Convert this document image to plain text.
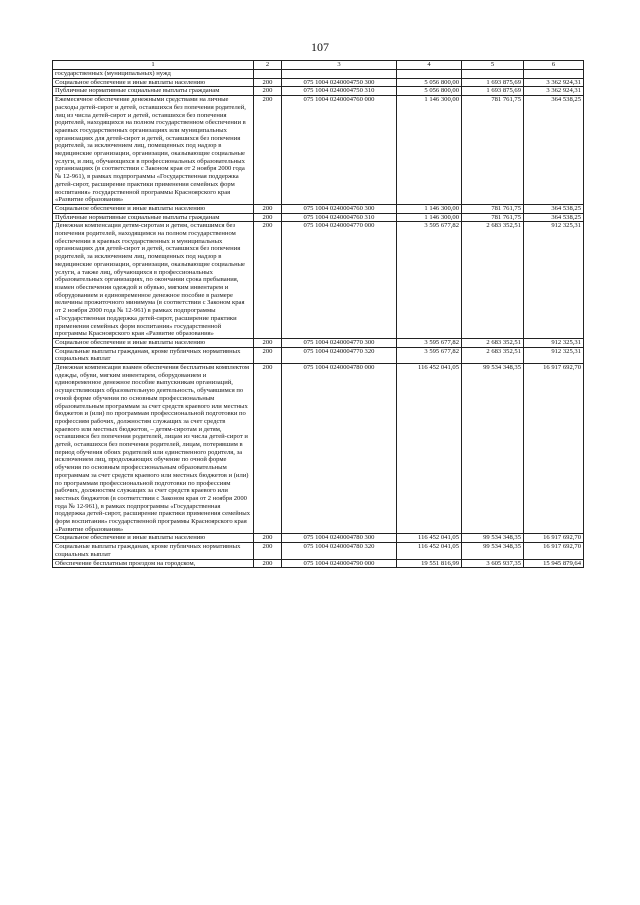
107
1	2	3	4	5	6
государственных (муниципальных) нужд					
Социальное обеспечение и иные выплаты населению	200	075 1004 0240004750 300	5 056 800,00	1 693 875,69	3 362 924,31
Публичные нормативные социальные выплаты гражданам	200	075 1004 0240004750 310	5 056 800,00	1 693 875,69	3 362 924,31
Ежемесячное обеспечение денежными средствами на личные расходы детей-сирот и детей, оставшихся без попечения родителей, лиц из числа детей-сирот и детей, оставшихся без попечения родителей, находящихся на полном государственном обеспечении в краевых государственных организациях или муниципальных организациях для детей-сирот и детей, оставшихся без попечения родителей, за исключением лиц, помещенных под надзор в медицинские организации, организации, оказывающие социальные услуги, и лиц, обучающихся в профессиональных образовательных организациях (в соответствии с Законом края от 2 ноября 2000 года № 12-961), в рамках подпрограммы «Государственная поддержка детей-сирот, расширение практики применения семейных форм воспитания» государственной программы Красноярского края «Развитие образования»	200	075 1004 0240004760 000	1 146 300,00	781 761,75	364 538,25
Социальное обеспечение и иные выплаты населению	200	075 1004 0240004760 300	1 146 300,00	781 761,75	364 538,25
Публичные нормативные социальные выплаты гражданам	200	075 1004 0240004760 310	1 146 300,00	781 761,75	364 538,25
Денежная компенсация детям-сиротам и детям, оставшимся без попечения родителей, находящимся на полном государственном обеспечении в краевых государственных и муниципальных организациях для детей-сирот и детей, оставшихся без попечения родителей, за исключением лиц, помещенных под надзор в медицинские организации, организации, оказывающие социальные услуги, а также лиц, обучающихся в профессиональных образовательных организациях, по окончании срока пребывания, взамен обеспечения одеждой и обувью, мягким инвентарем и оборудованием и единовременное денежное пособие в размере величины прожиточного минимума (в соответствии с Законом края от 2 ноября 2000 года № 12-961) в рамках подпрограммы «Государственная поддержка детей-сирот, расширение практики применения семейных форм воспитания» государственной программы Красноярского края «Развитие образования»	200	075 1004 0240004770 000	3 595 677,82	2 683 352,51	912 325,31
Социальное обеспечение и иные выплаты населению	200	075 1004 0240004770 300	3 595 677,82	2 683 352,51	912 325,31
Социальные выплаты гражданам, кроме публичных нормативных социальных выплат	200	075 1004 0240004770 320	3 595 677,82	2 683 352,51	912 325,31
Денежная компенсация взамен обеспечения бесплатным комплектом одежды, обуви, мягким инвентарем, оборудованием и единовременное денежное пособие выпускникам организаций, осуществляющих образовательную деятельность, обучавшимся по очной форме обучения по основным профессиональным образовательным программам за счет средств краевого или местных бюджетов и (или) по программам профессиональной подготовки по профессиям рабочих, должностям служащих за счет средств краевого или местных бюджетов, – детям-сиротам и детям, оставшимся без попечения родителей, лицам из числа детей-сирот и детей, оставшихся без попечения родителей, лицам, потерявшим в период обучения обоих родителей или единственного родителя, за исключением лиц, продолжающих обучение по очной форме обучения по основным профессиональным образовательным программам за счет средств краевого или местных бюджетов и (или) по программам профессиональной подготовки по профессиям рабочих, должностям служащих за счет средств краевого или местных бюджетов (в соответствии с Законом края от 2 ноября 2000 года № 12-961), в рамках подпрограммы «Государственная поддержка детей-сирот, расширение практики применения семейных форм воспитания» государственной программы Красноярского края «Развитие образования»	200	075 1004 0240004780 000	116 452 041,05	99 534 348,35	16 917 692,70
Социальное обеспечение и иные выплаты населению	200	075 1004 0240004780 300	116 452 041,05	99 534 348,35	16 917 692,70
Социальные выплаты гражданам, кроме публичных нормативных социальных выплат	200	075 1004 0240004780 320	116 452 041,05	99 534 348,35	16 917 692,70
Обеспечение бесплатным проездом на городском,	200	075 1004 0240004790 000	19 551 816,99	3 605 937,35	15 945 879,64
